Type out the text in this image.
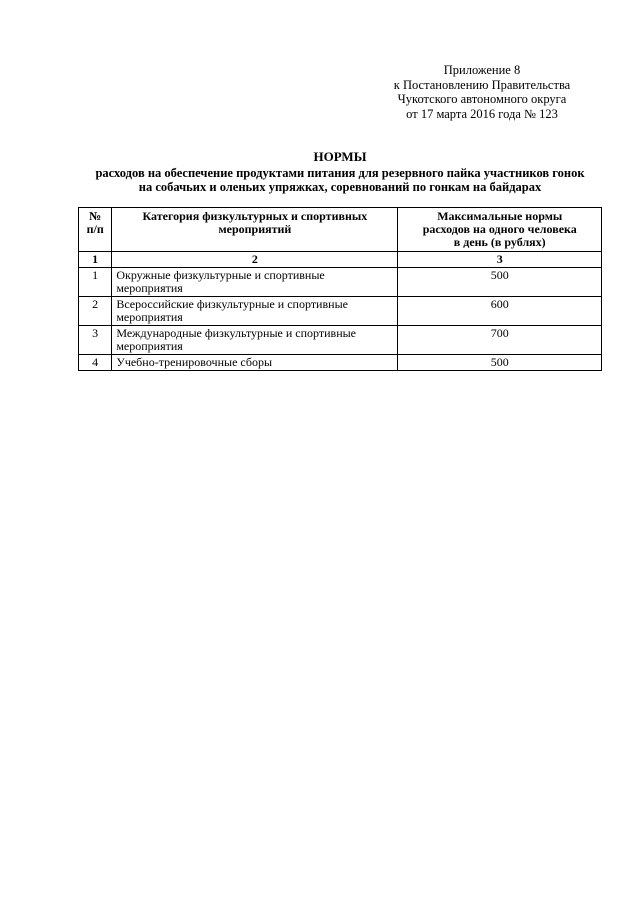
Приложение 8
к Постановлению Правительства
Чукотского автономного округа
от 17 марта 2016 года № 123
НОРМЫ
расходов на обеспечение продуктами питания для резервного пайка участников гонок
на собачьих и оленьих упряжках, соревнований по гонкам на байдарах
№ п/п	Категория физкультурных и спортивных мероприятий	Максимальные нормы расходов на одного человека в день (в рублях)
1	2	3
1	Окружные физкультурные и спортивные мероприятия	500
2	Всероссийские физкультурные и спортивные мероприятия	600
3	Международные физкультурные и спортивные мероприятия	700
4	Учебно-тренировочные сборы	500
